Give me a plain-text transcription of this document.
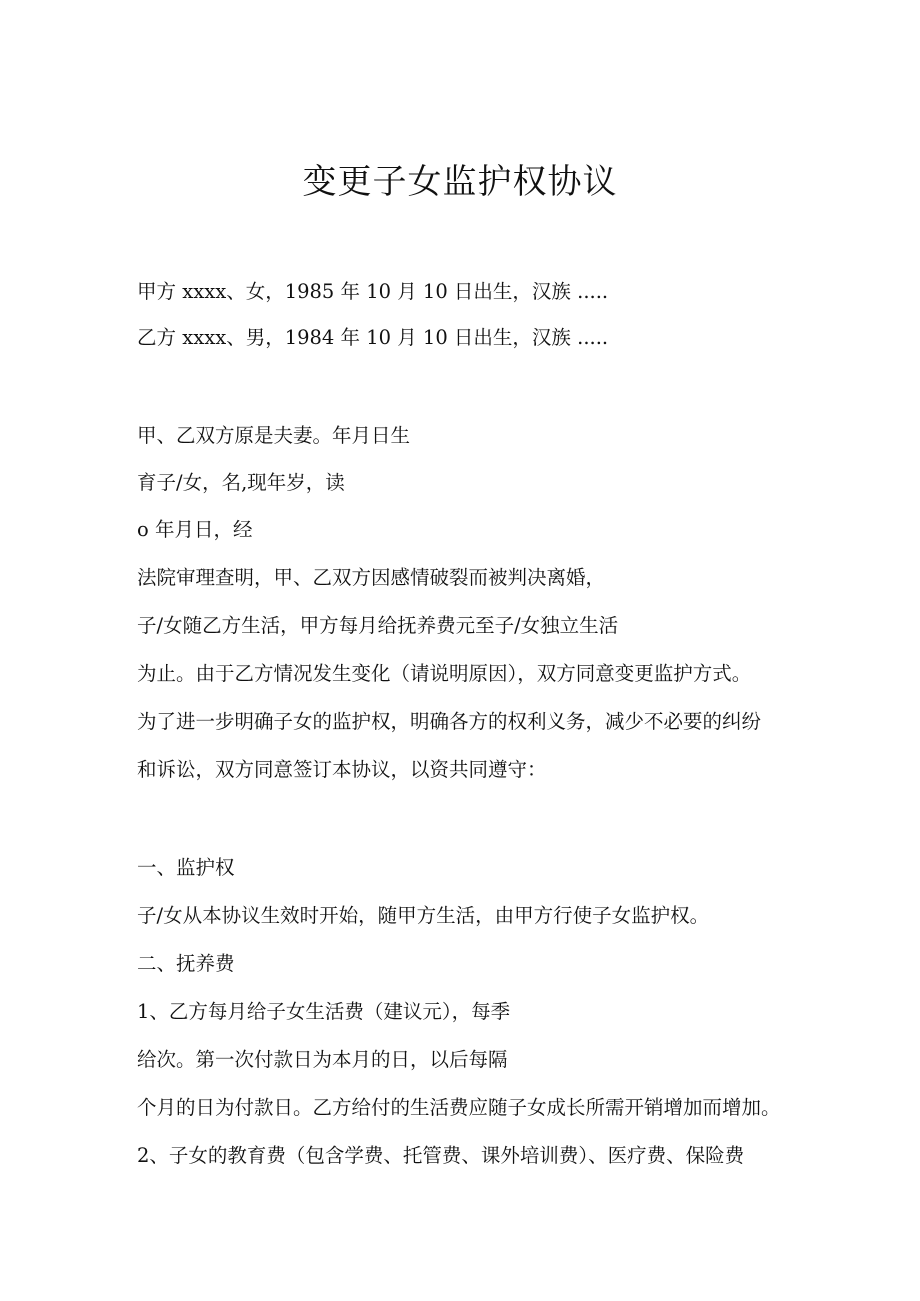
变更子女监护权协议
甲方 xxxx、女，1985 年 10 月 10 日出生，汉族 .....
乙方 xxxx、男，1984 年 10 月 10 日出生，汉族 .....
甲、乙双方原是夫妻。年月日生
育子/女，名,现年岁，读
o 年月日，经
法院审理查明，甲、乙双方因感情破裂而被判决离婚，
子/女随乙方生活，甲方每月给抚养费元至子/女独立生活
为止。由于乙方情况发生变化（请说明原因），双方同意变更监护方式。
为了进一步明确子女的监护权，明确各方的权利义务，减少不必要的纠纷
和诉讼，双方同意签订本协议，以资共同遵守：
一、监护权
子/女从本协议生效时开始，随甲方生活，由甲方行使子女监护权。
二、抚养费
1、乙方每月给子女生活费（建议元），每季
给次。第一次付款日为本月的日，以后每隔
个月的日为付款日。乙方给付的生活费应随子女成长所需开销增加而增加。
2、子女的教育费（包含学费、托管费、课外培训费）、医疗费、保险费
